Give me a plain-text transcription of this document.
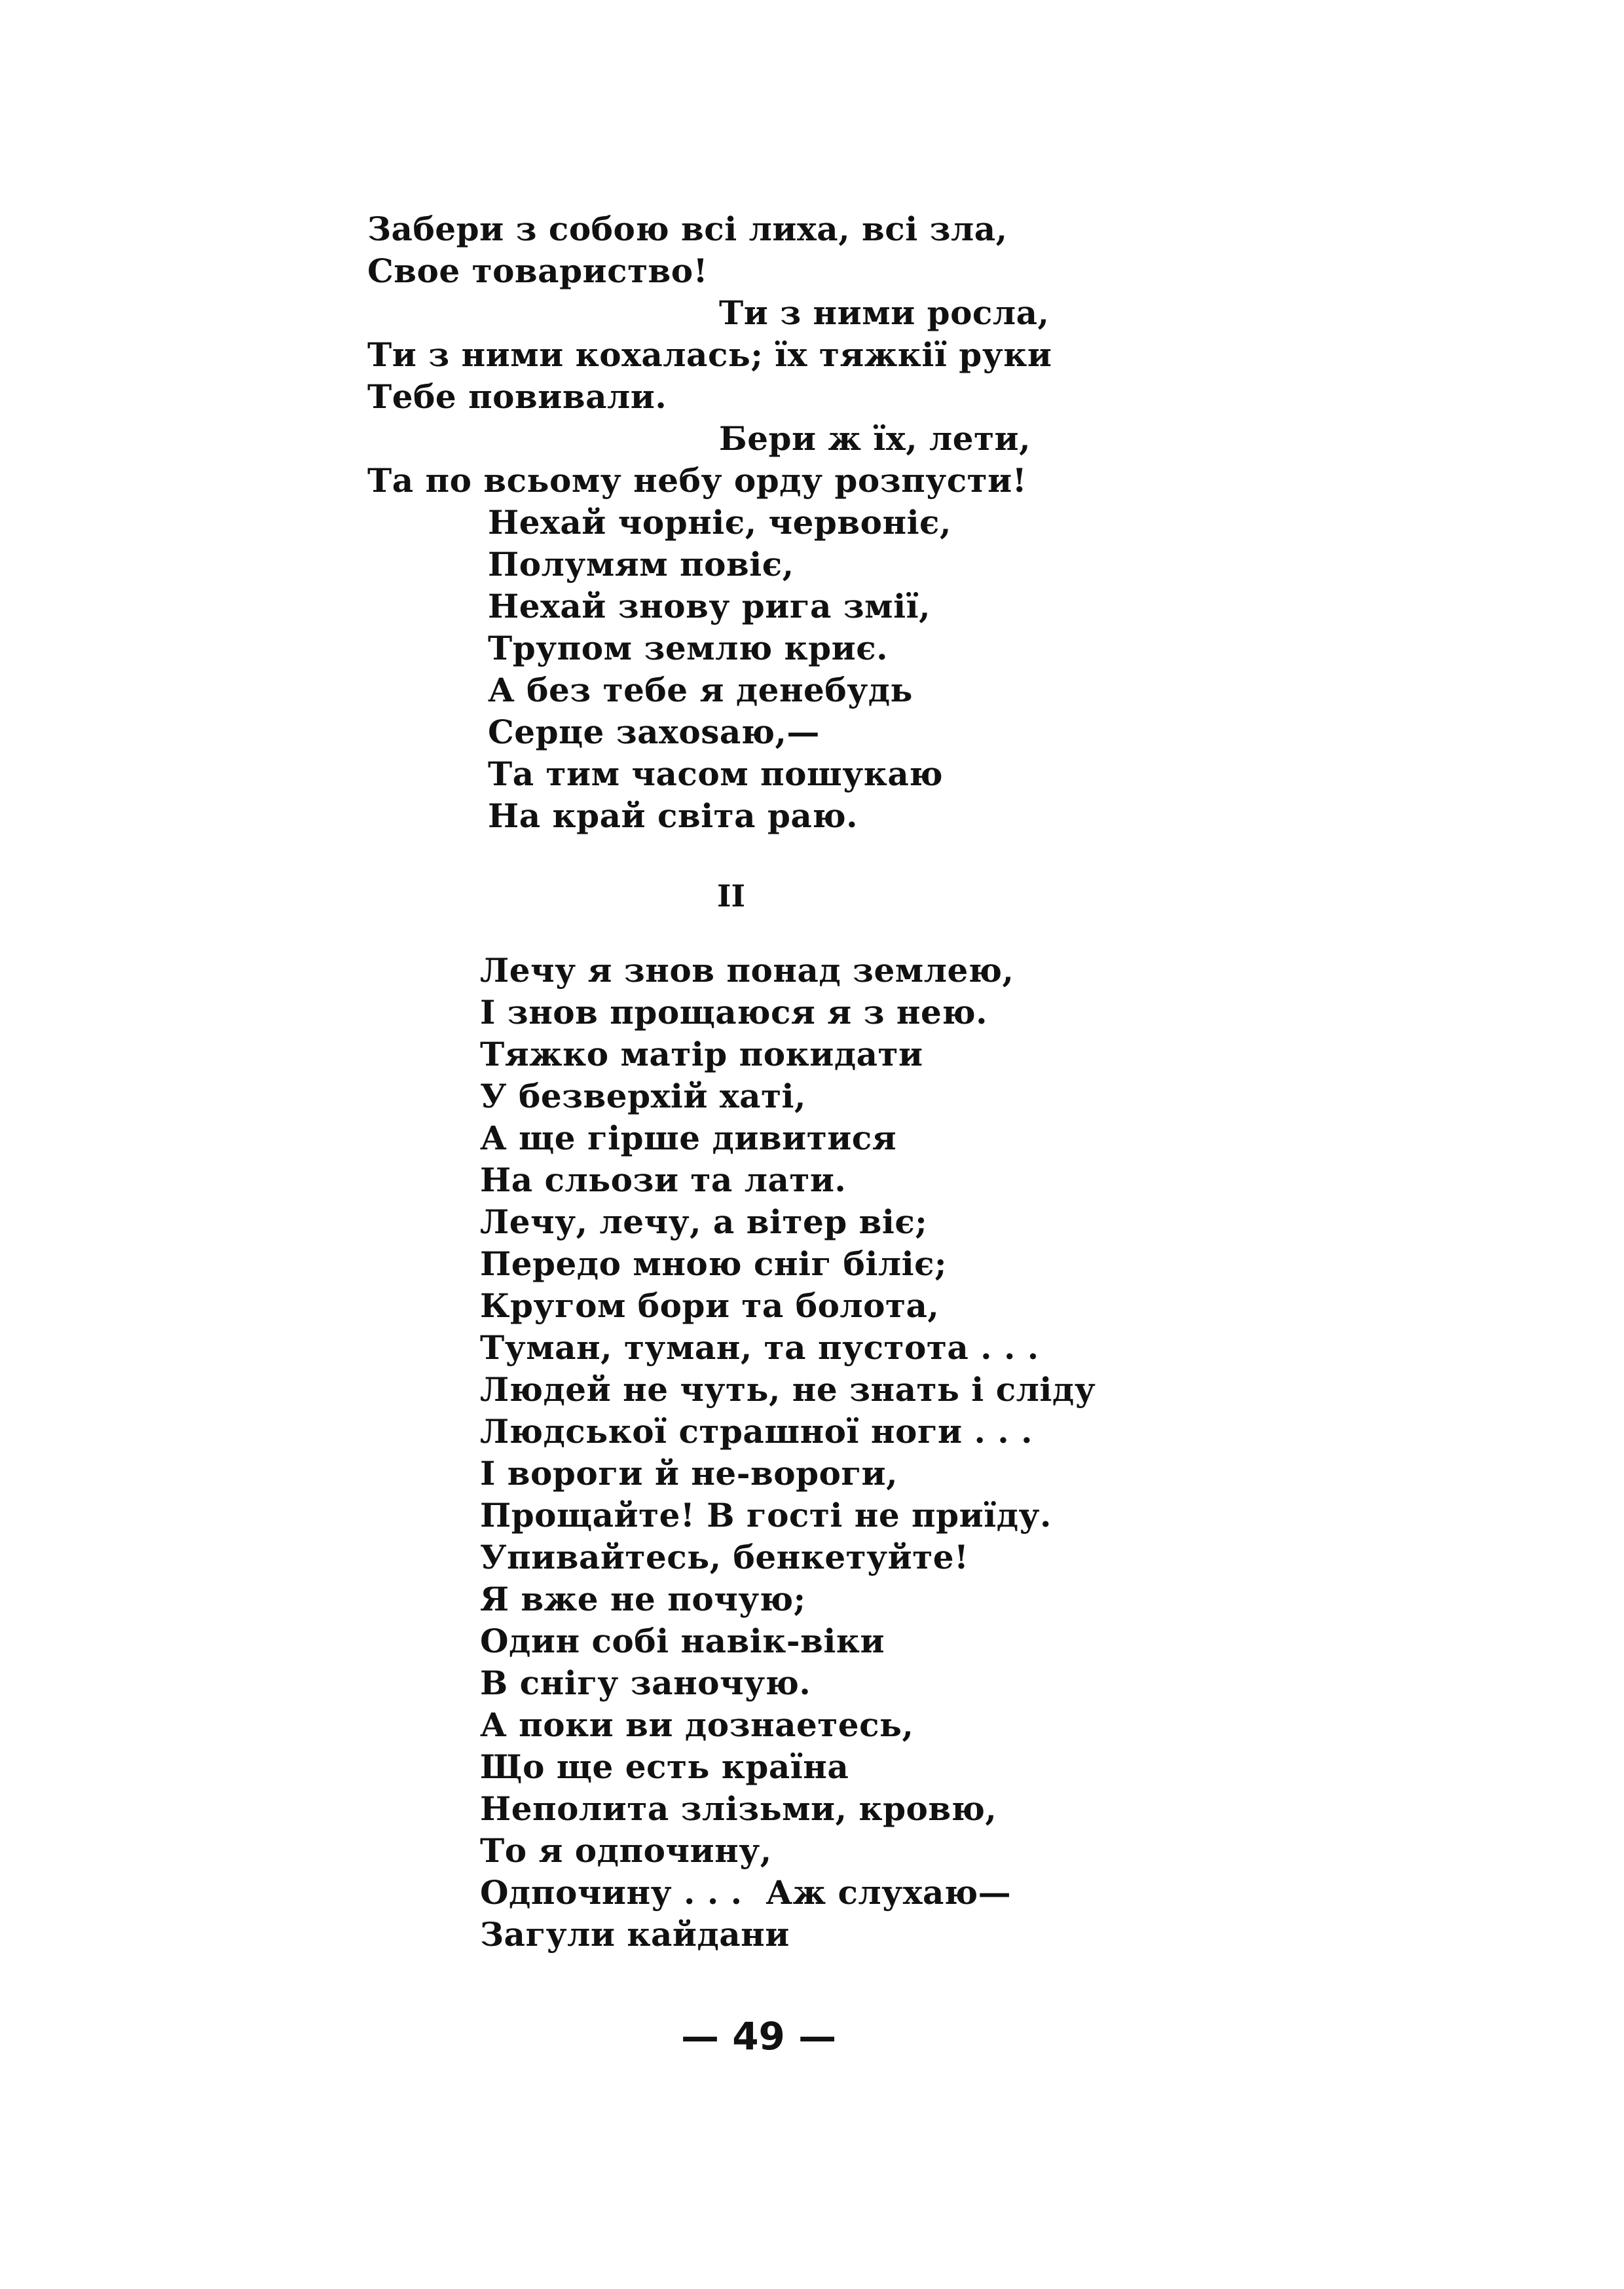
Забери з собою всі лиха, всі зла,

Свое товариство!

Ти з ними росла,

Ти з ними кохалась; їх тяжкії руки

Тебе повивали.

Бери ж їх, лети,

Та по всьому небу орду розпусти!

Нехай чорніє, червоніє,

Полумям повіє,

Нехай знову рига змії,

Трупом землю криє.

А без тебе я денебудь

Серце захоsаю,—

Та тим часом пошукаю

На край світа раю.

II

Лечу я знов понад землею,

І знов прощаюся я з нею.

Тяжко матір покидати

У безверхій хаті,

А ще гірше дивитися

На сльози та лати.

Лечу, лечу, а вітер віє;

Передо мною сніг біліє;

Кругом бори та болота,

Туман, туман, та пустота . . .

Людей не чуть, не знать і сліду

Людської страшної ноги . . .

І вороги й не-вороги,

Прощайте! В гості не приїду.

Упивайтесь, бенкетуйте!

Я вже не почую;

Один собі навік-віки

В снігу заночую.

А поки ви дознаетесь,

Що ще есть країна

Неполита злізьми, кровю,

То я одпочину,

Одпочину . . .  Аж слухаю—

Загули кайдани

— 49 —
